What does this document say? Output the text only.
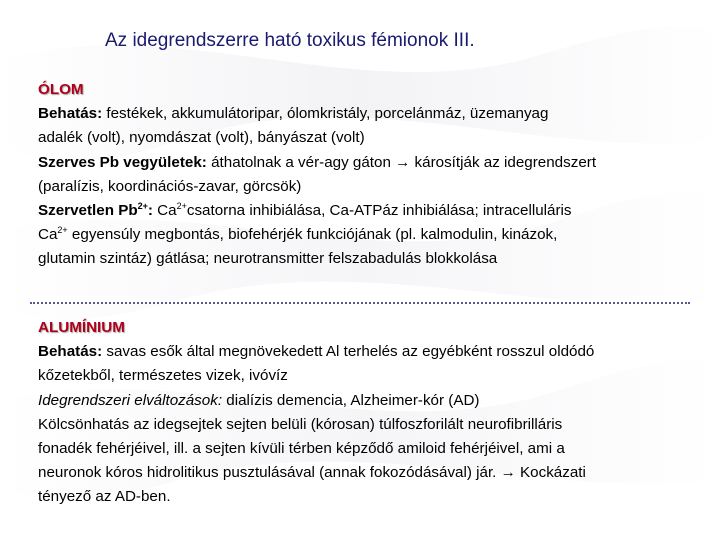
Az idegrendszerre ható toxikus fémionok III.
ÓLOM
Behatás: festékek, akkumulátoripar, ólomkristály, porcelánmáz, üzemanyag
adalék (volt), nyomdászat (volt), bányászat (volt)
Szerves Pb vegyületek: áthatolnak a vér-agy gáton → károsítják az idegrendszert
(paralízis, koordinációs-zavar, görcsök)
Szervetlen $Pb^{2+}$: $Ca^{2+}csatorna$ inhibiálása, Ca-ATPáz inhibiálása; intracelluláris
$Ca^{2+}$ egyensúly megbontás, biofehérjék funkciójának (pl. kalmodulin, kinázok,
glutamin szintáz) gátlása; neurotransmitter felszabadulás blokkolása
ALUMÍNIUM
Behatás: savas esők által megnövekedett Al terhelés az egyébként rosszul oldódó
kőzetekből, természetes vizek, ivóvíz
Idegrendszeri elváltozások: dialízis demencia, Alzheimer-kór (AD)
Kölcsönhatás az idegsejtek sejten belüli (kórosan) túlfoszforilált neurofibrilláris
fonadék fehérjéivel, ill. a sejten kívüli térben képződő amiloid fehérjéivel, ami a
neuronok kóros hidrolitikus pusztulásával (annak fokozódásával) jár. → Kockázati
tényező az AD-ben.
